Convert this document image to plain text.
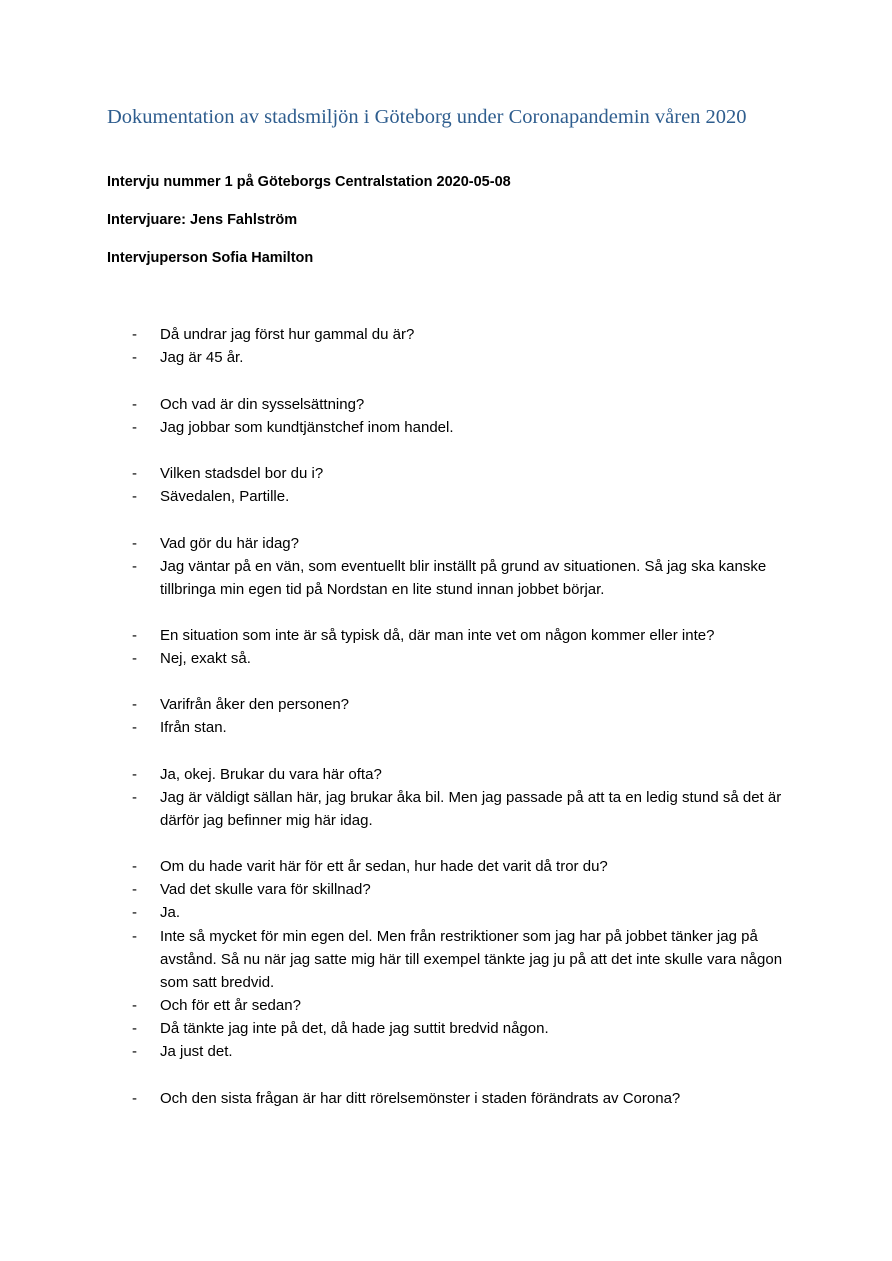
Dokumentation av stadsmiljön i Göteborg under Coronapandemin våren 2020

Intervju nummer 1 på Göteborgs Centralstation 2020-05-08

Intervjuare: Jens Fahlström

Intervjuperson Sofia Hamilton

- Då undrar jag först hur gammal du är?
- Jag är 45 år.
- Och vad är din sysselsättning?
- Jag jobbar som kundtjänstchef inom handel.
- Vilken stadsdel bor du i?
- Sävedalen, Partille.
- Vad gör du här idag?
- Jag väntar på en vän, som eventuellt blir inställt på grund av situationen. Så jag ska kanske tillbringa min egen tid på Nordstan en lite stund innan jobbet börjar.
- En situation som inte är så typisk då, där man inte vet om någon kommer eller inte?
- Nej, exakt så.
- Varifrån åker den personen?
- Ifrån stan.
- Ja, okej. Brukar du vara här ofta?
- Jag är väldigt sällan här, jag brukar åka bil. Men jag passade på att ta en ledig stund så det är därför jag befinner mig här idag.
- Om du hade varit här för ett år sedan, hur hade det varit då tror du?
- Vad det skulle vara för skillnad?
- Ja.
- Inte så mycket för min egen del. Men från restriktioner som jag har på jobbet tänker jag på avstånd. Så nu när jag satte mig här till exempel tänkte jag ju på att det inte skulle vara någon som satt bredvid.
- Och för ett år sedan?
- Då tänkte jag inte på det, då hade jag suttit bredvid någon.
- Ja just det.
- Och den sista frågan är har ditt rörelsemönster i staden förändrats av Corona?
